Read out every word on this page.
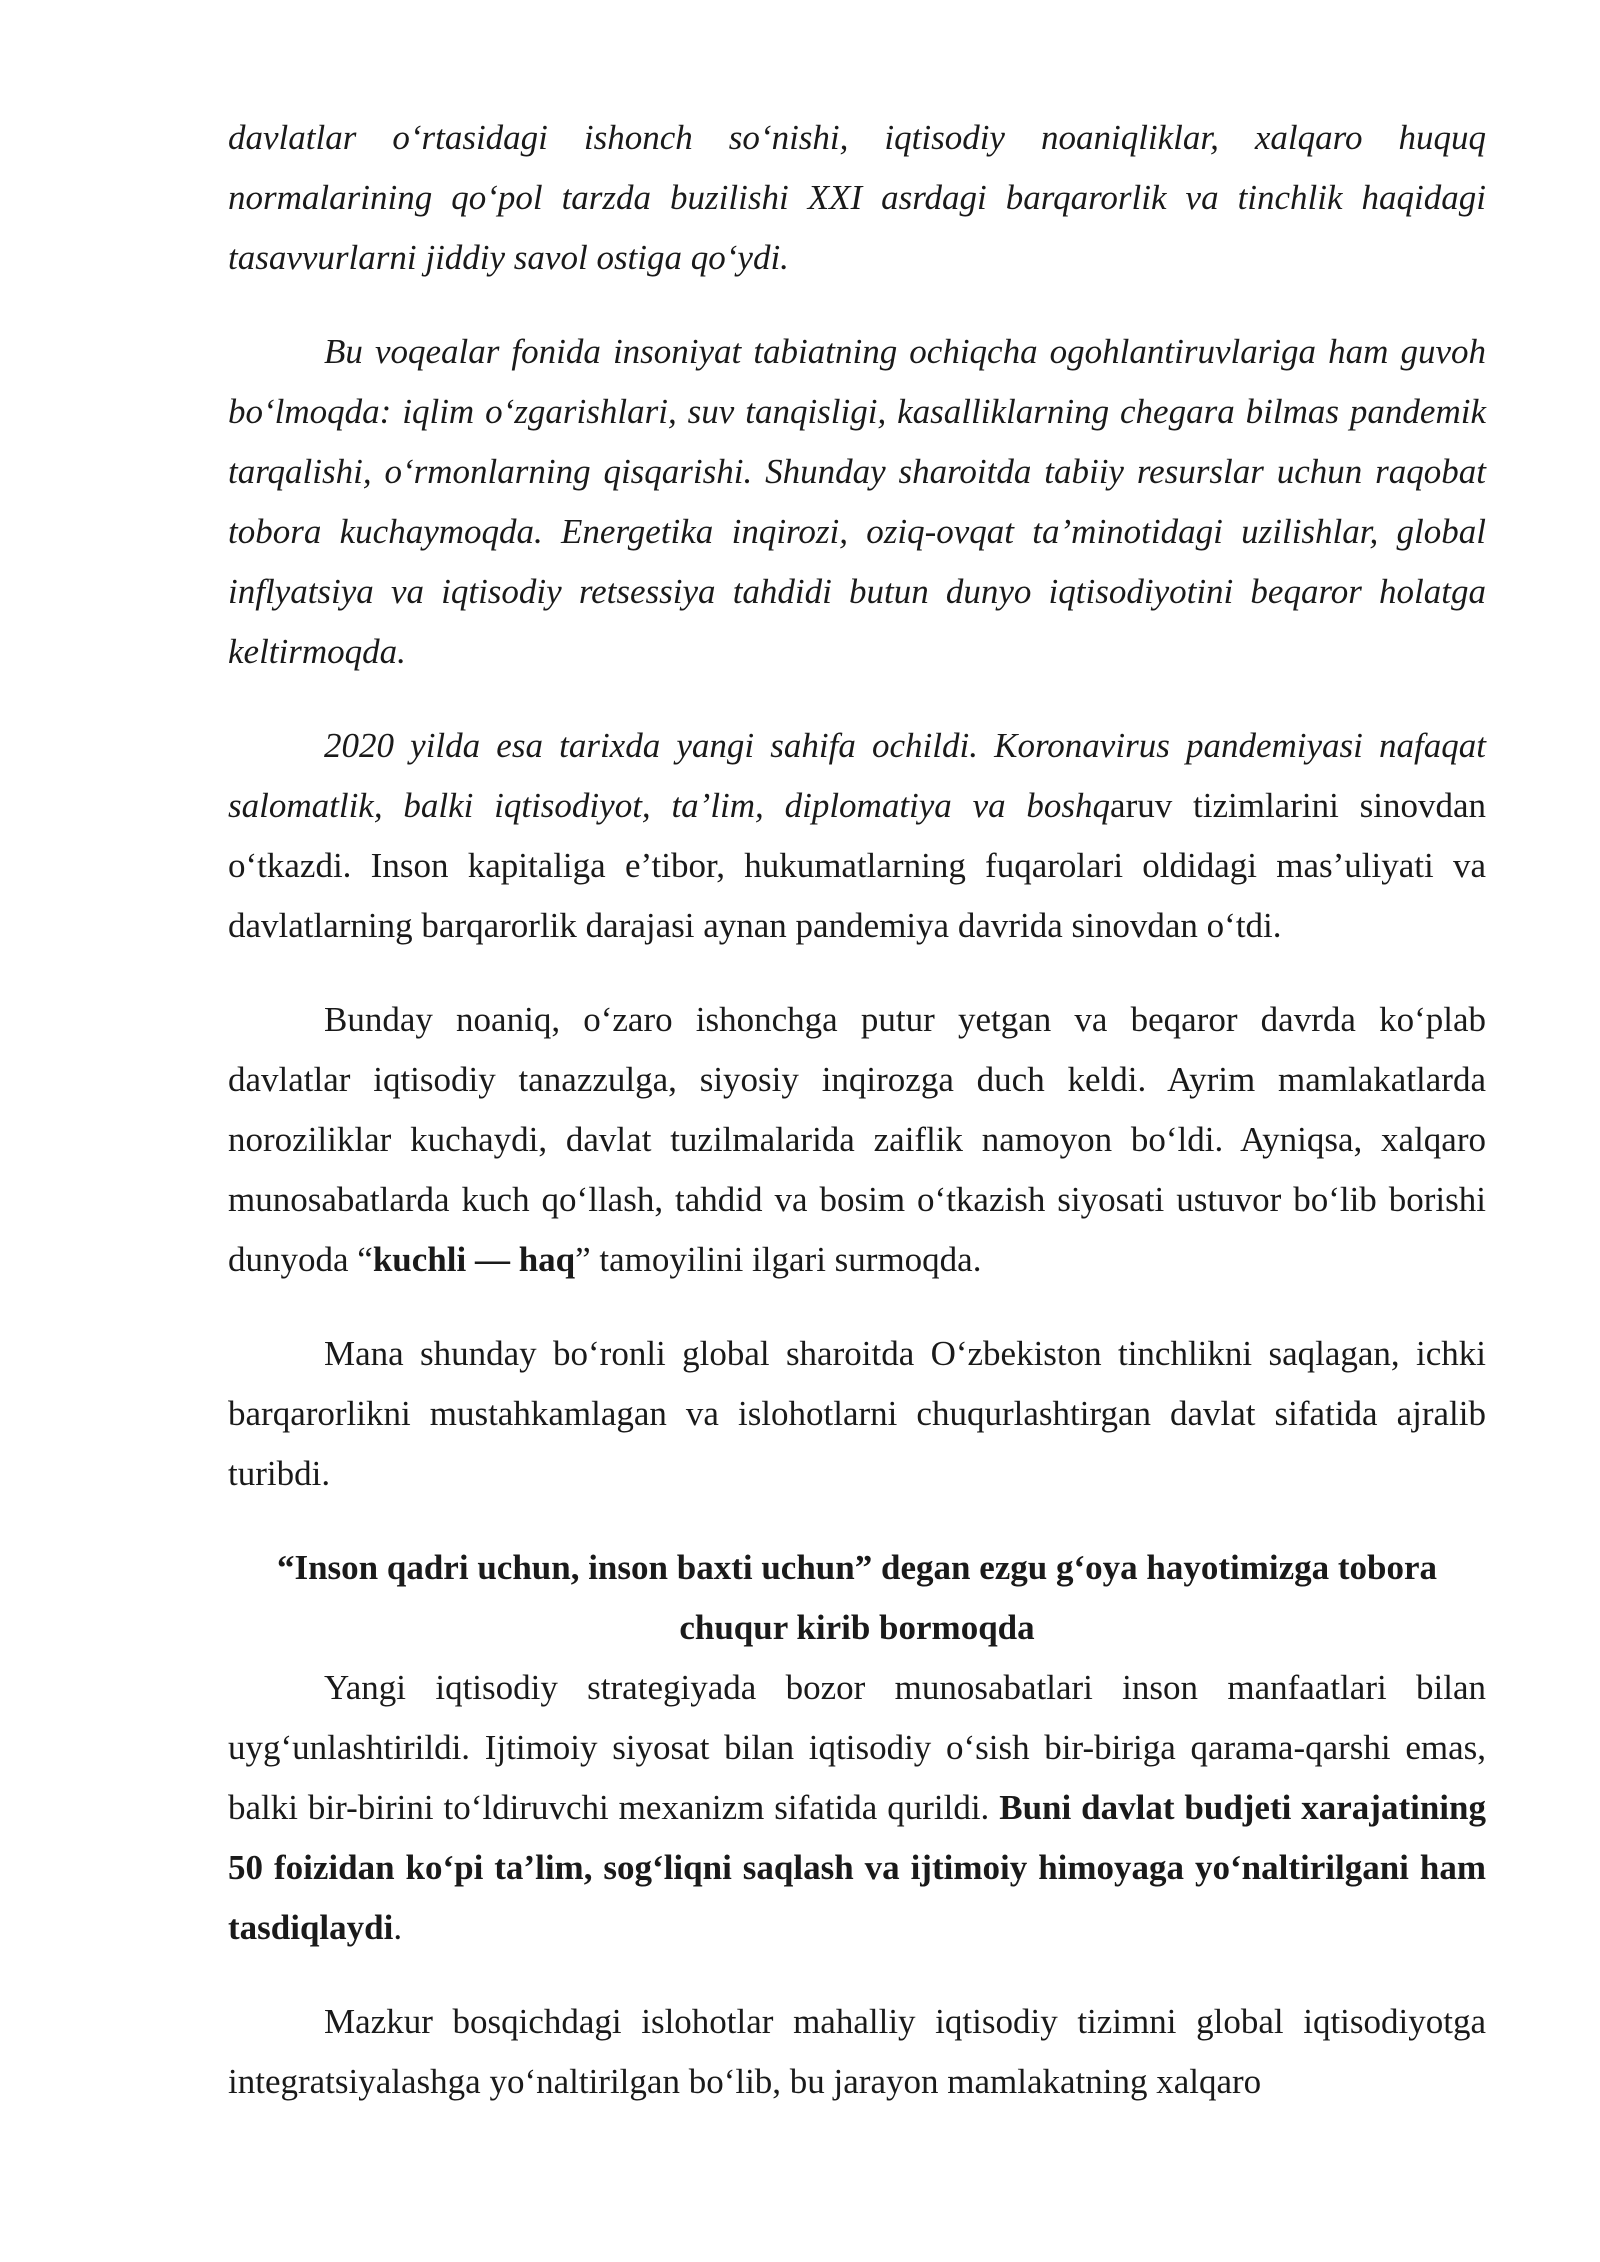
davlatlar o‘rtasidagi ishonch so‘nishi, iqtisodiy noaniqliklar, xalqaro huquq normalarining qo‘pol tarzda buzilishi XXI asrdagi barqarorlik va tinchlik haqidagi tasavvurlarni jiddiy savol ostiga qo‘ydi.

Bu voqealar fonida insoniyat tabiatning ochiqcha ogohlantiruvlariga ham guvoh bo‘lmoqda: iqlim o‘zgarishlari, suv tanqisligi, kasalliklarning chegara bilmas pandemik tarqalishi, o‘rmonlarning qisqarishi. Shunday sharoitda tabiiy resurslar uchun raqobat tobora kuchaymoqda. Energetika inqirozi, oziq-ovqat ta’minotidagi uzilishlar, global inflyatsiya va iqtisodiy retsessiya tahdidi butun dunyo iqtisodiyotini beqaror holatga keltirmoqda.

2020 yilda esa tarixda yangi sahifa ochildi. Koronavirus pandemiyasi nafaqat salomatlik, balki iqtisodiyot, ta’lim, diplomatiya va boshqaruv tizimlarini sinovdan o‘tkazdi. Inson kapitaliga e’tibor, hukumatlarning fuqarolari oldidagi mas’uliyati va davlatlarning barqarorlik darajasi aynan pandemiya davrida sinovdan o‘tdi.

Bunday noaniq, o‘zaro ishonchga putur yetgan va beqaror davrda ko‘plab davlatlar iqtisodiy tanazzulga, siyosiy inqirozga duch keldi. Ayrim mamlakatlarda noroziliklar kuchaydi, davlat tuzilmalarida zaiflik namoyon bo‘ldi. Ayniqsa, xalqaro munosabatlarda kuch qo‘llash, tahdid va bosim o‘tkazish siyosati ustuvor bo‘lib borishi dunyoda “kuchli — haq” tamoyilini ilgari surmoqda.

Mana shunday bo‘ronli global sharoitda O‘zbekiston tinchlikni saqlagan, ichki barqarorlikni mustahkamlagan va islohotlarni chuqurlashtirgan davlat sifatida ajralib turibdi.

“Inson qadri uchun, inson baxti uchun” degan ezgu g‘oya hayotimizga tobora chuqur kirib bormoqda

Yangi iqtisodiy strategiyada bozor munosabatlari inson manfaatlari bilan uyg‘unlashtirildi. Ijtimoiy siyosat bilan iqtisodiy o‘sish bir-biriga qarama-qarshi emas, balki bir-birini to‘ldiruvchi mexanizm sifatida qurildi. Buni davlat budjeti xarajatining 50 foizidan ko‘pi ta’lim, sog‘liqni saqlash va ijtimoiy himoyaga yo‘naltirilgani ham tasdiqlaydi.

Mazkur bosqichdagi islohotlar mahalliy iqtisodiy tizimni global iqtisodiyotga integratsiyalashga yo‘naltirilgan bo‘lib, bu jarayon mamlakatning xalqaro
